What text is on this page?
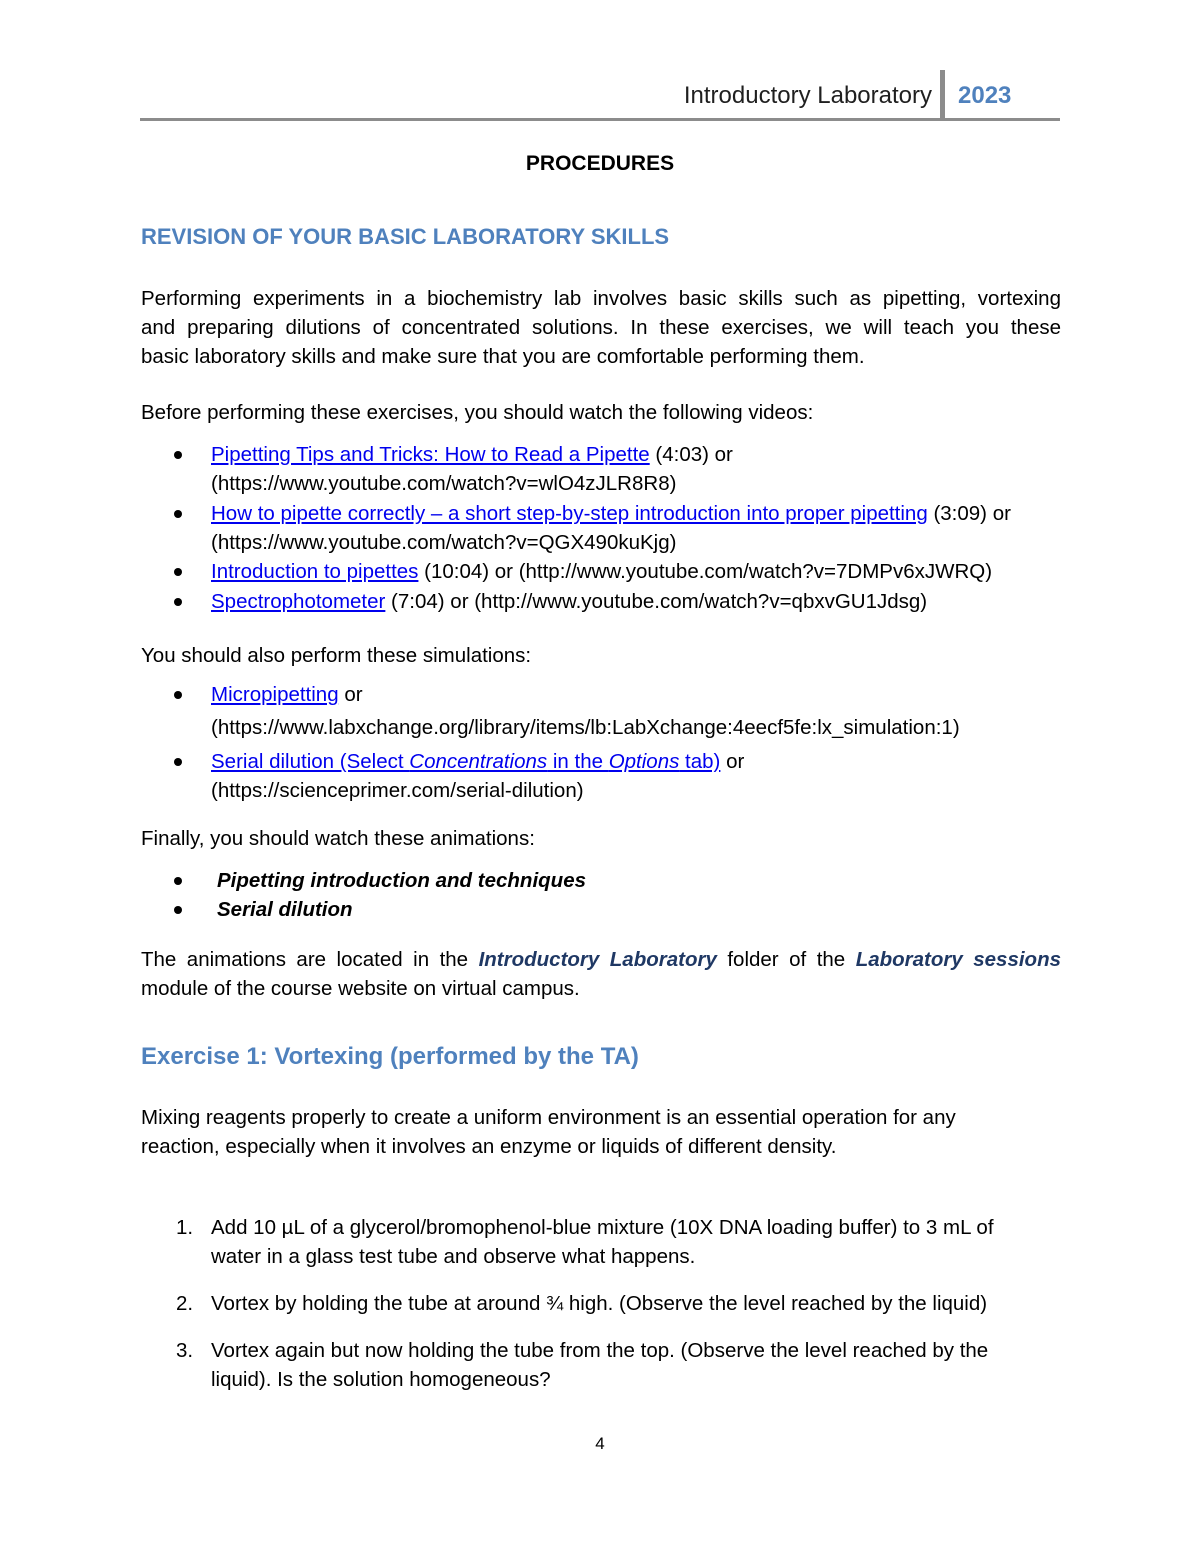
Introductory Laboratory 2023
PROCEDURES
REVISION OF YOUR BASIC LABORATORY SKILLS
Performing experiments in a biochemistry lab involves basic skills such as pipetting, vortexing
and preparing dilutions of concentrated solutions. In these exercises, we will teach you these
basic laboratory skills and make sure that you are comfortable performing them.
Before performing these exercises, you should watch the following videos:
Pipetting Tips and Tricks: How to Read a Pipette (4:03) or
(https://www.youtube.com/watch?v=wlO4zJLR8R8)
How to pipette correctly – a short step-by-step introduction into proper pipetting (3:09) or
(https://www.youtube.com/watch?v=QGX490kuKjg)
Introduction to pipettes (10:04) or (http://www.youtube.com/watch?v=7DMPv6xJWRQ)
Spectrophotometer (7:04) or (http://www.youtube.com/watch?v=qbxvGU1Jdsg)
You should also perform these simulations:
Micropipetting or
(https://www.labxchange.org/library/items/lb:LabXchange:4eecf5fe:lx_simulation:1)
Serial dilution (Select Concentrations in the Options tab) or
(https://scienceprimer.com/serial-dilution)
Finally, you should watch these animations:
Pipetting introduction and techniques
Serial dilution
The animations are located in the Introductory Laboratory folder of the Laboratory sessions
module of the course website on virtual campus.
Exercise 1: Vortexing (performed by the TA)
Mixing reagents properly to create a uniform environment is an essential operation for any
reaction, especially when it involves an enzyme or liquids of different density.
1. Add 10 µL of a glycerol/bromophenol-blue mixture (10X DNA loading buffer) to 3 mL of
water in a glass test tube and observe what happens.
2. Vortex by holding the tube at around ¾ high. (Observe the level reached by the liquid)
3. Vortex again but now holding the tube from the top. (Observe the level reached by the
liquid). Is the solution homogeneous?
4
